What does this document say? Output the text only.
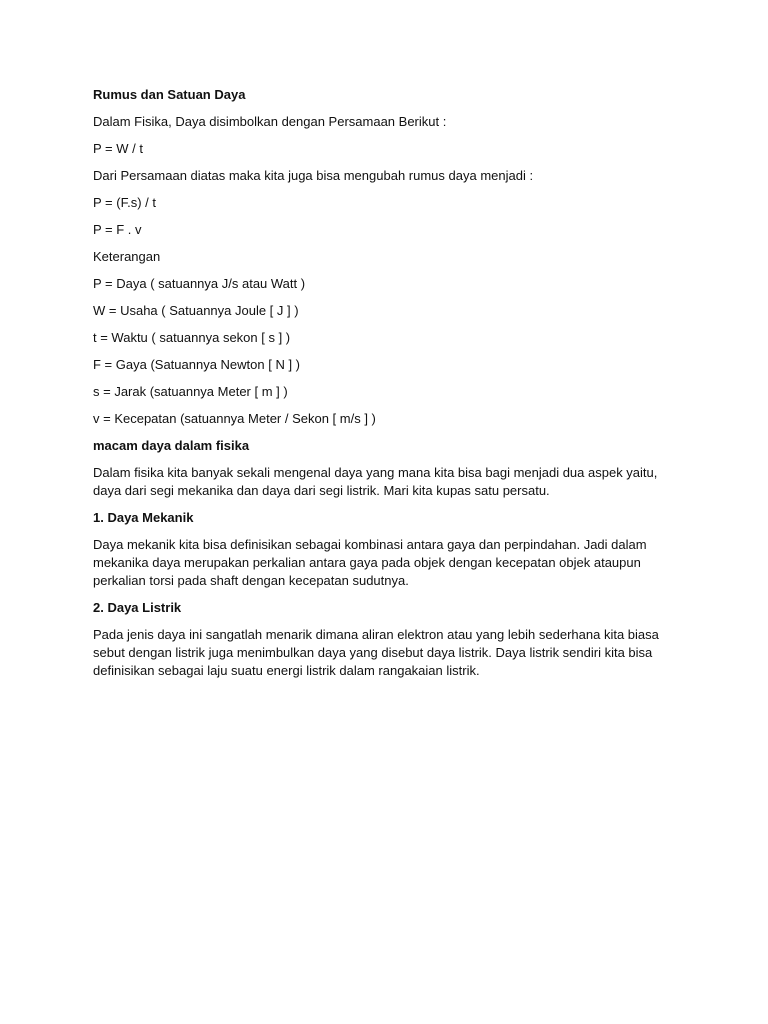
Rumus dan Satuan Daya
Dalam Fisika, Daya disimbolkan dengan Persamaan Berikut :
P = W / t
Dari Persamaan diatas maka kita juga bisa mengubah rumus daya menjadi :
P = (F.s) / t
P = F . v
Keterangan
P = Daya ( satuannya J/s atau Watt )
W = Usaha ( Satuannya Joule [ J ] )
t = Waktu ( satuannya sekon [ s ] )
F = Gaya (Satuannya Newton [ N ] )
s = Jarak (satuannya Meter [ m ] )
v = Kecepatan (satuannya Meter / Sekon [ m/s ] )
macam daya dalam fisika
Dalam fisika kita banyak sekali mengenal daya yang mana kita bisa bagi menjadi dua aspek yaitu, daya dari segi mekanika dan daya dari segi listrik. Mari kita kupas satu persatu.
1. Daya Mekanik
Daya mekanik kita bisa definisikan sebagai kombinasi antara gaya dan perpindahan. Jadi dalam mekanika daya merupakan perkalian antara gaya pada objek dengan kecepatan objek ataupun perkalian torsi pada shaft dengan kecepatan sudutnya.
2. Daya Listrik
Pada jenis daya ini sangatlah menarik dimana aliran elektron atau yang lebih sederhana kita biasa sebut dengan listrik juga menimbulkan daya yang disebut daya listrik. Daya listrik sendiri kita bisa definisikan sebagai laju suatu energi listrik dalam rangakaian listrik.
